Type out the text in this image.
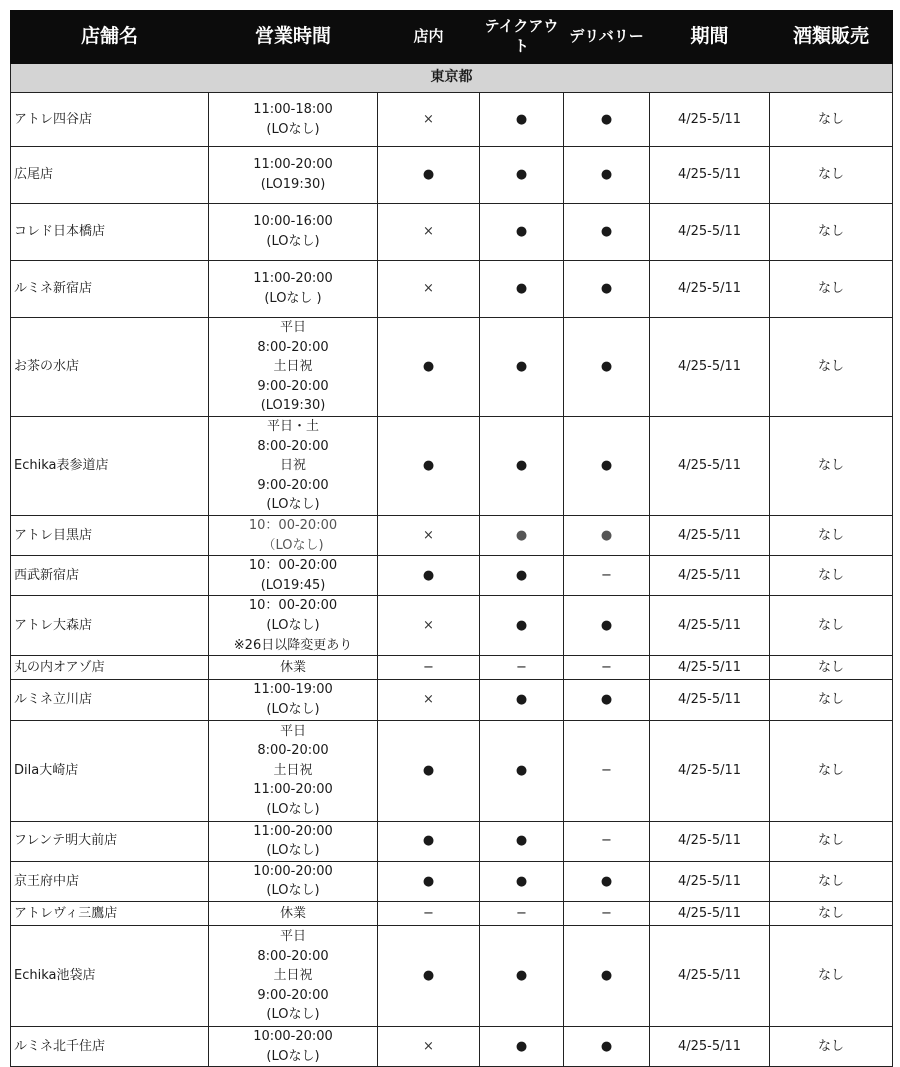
店舗名	営業時間	店内	テイクアウト	デリバリー	期間	酒類販売
東京都						
アトレ四谷店	11:00-18:00
(LOなし)	×	●	●	4/25-5/11	なし
広尾店	11:00-20:00
(LO19:30)	●	●	●	4/25-5/11	なし
コレド日本橋店	10:00-16:00
(LOなし)	×	●	●	4/25-5/11	なし
ルミネ新宿店	11:00-20:00
(LOなし )	×	●	●	4/25-5/11	なし
お茶の水店	平日
8:00-20:00
土日祝
9:00-20:00
(LO19:30)	●	●	●	4/25-5/11	なし
Echika表参道店	平日・土
8:00-20:00
日祝
9:00-20:00
(LOなし)	●	●	●	4/25-5/11	なし
アトレ目黒店	10：00-20:00
（LOなし)	×	●	●	4/25-5/11	なし
西武新宿店	10：00-20:00
(LO19:45)	●	●	−	4/25-5/11	なし
アトレ大森店	10：00-20:00
(LOなし)
※26日以降変更あり	×	●	●	4/25-5/11	なし
丸の内オアゾ店	休業	−	−	−	4/25-5/11	なし
ルミネ立川店	11:00-19:00
(LOなし)	×	●	●	4/25-5/11	なし
Dila大崎店	平日
8:00-20:00
土日祝
11:00-20:00
(LOなし)	●	●	−	4/25-5/11	なし
フレンテ明大前店	11:00-20:00
(LOなし)	●	●	−	4/25-5/11	なし
京王府中店	10:00-20:00
(LOなし)	●	●	●	4/25-5/11	なし
アトレヴィ三鷹店	休業	−	−	−	4/25-5/11	なし
Echika池袋店	平日
8:00-20:00
土日祝
9:00-20:00
(LOなし)	●	●	●	4/25-5/11	なし
ルミネ北千住店	10:00-20:00
(LOなし)	×	●	●	4/25-5/11	なし
